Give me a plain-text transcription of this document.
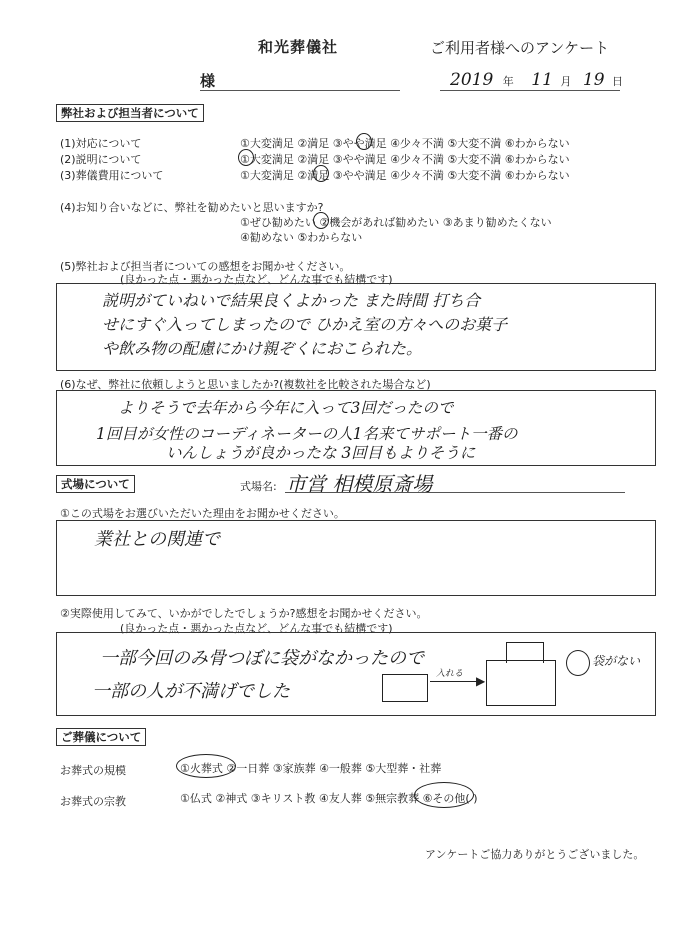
和光葬儀社	ご利用者様へのアンケート
様	2019 年 11 月 19 日
弊社および担当者について
(1)対応について	①大変満足 ②満足 ③やや満足 ④少々不満 ⑤大変不満 ⑥わからない
(2)説明について	①大変満足 ②満足 ③やや満足 ④少々不満 ⑤大変不満 ⑥わからない
(3)葬儀費用について	①大変満足 ②満足 ③やや満足 ④少々不満 ⑤大変不満 ⑥わからない
(4)お知り合いなどに、弊社を勧めたいと思いますか?
①ぜひ勧めたい ②機会があれば勧めたい ③あまり勧めたくない
④勧めない ⑤わからない
(5)弊社および担当者についての感想をお聞かせください。
(良かった点・悪かった点など、どんな事でも結構です)
説明がていねいで結果良くよかった また時間 打ち合
せにすぐ入ってしまったので ひかえ室の方々へのお菓子
や飲み物の配慮にかけ親ぞくにおこられた。
(6)なぜ、弊社に依頼しようと思いましたか?(複数社を比較された場合など)
よりそうで去年から今年に入って3回だったので
1回目が女性のコーディネーターの人1名来てサポート一番の
いんしょうが良かったな 3回目もよりそうに
式場について	式場名: 市営 相模原斎場
①この式場をお選びいただいた理由をお聞かせください。
業社との関連で
②実際使用してみて、いかがでしたでしょうか?感想をお聞かせください。
(良かった点・悪かった点など、どんな事でも結構です)
一部今回のみ骨つぼに袋がなかったので
一部の人が不満げでした	▶
入れる
袋がない
ご葬儀について
お葬式の規模	①火葬式 ②一日葬 ③家族葬 ④一般葬 ⑤大型葬・社葬
お葬式の宗教	①仏式 ②神式 ③キリスト教 ④友人葬 ⑤無宗教葬 ⑥その他( )
アンケートご協力ありがとうございました。
